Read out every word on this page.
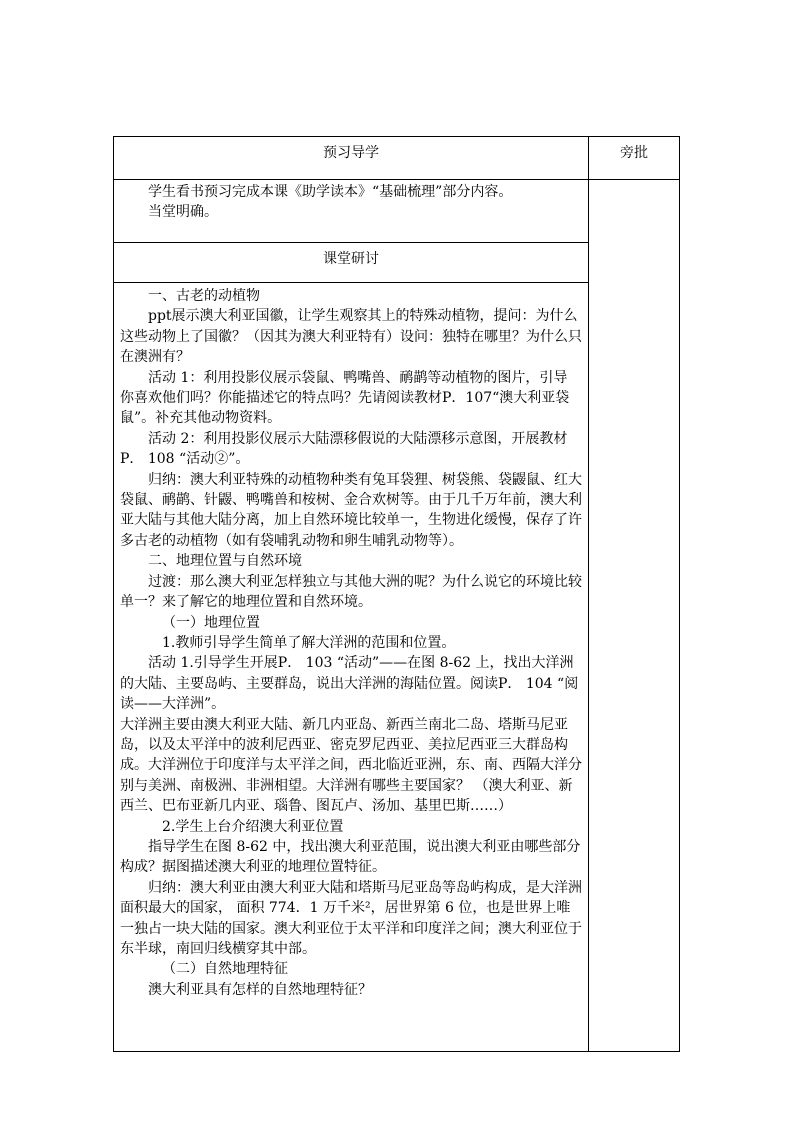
预习导学	旁批

学生看书预习完成本课《助学读本》“基础梳理”部分内容。

当堂明确。

课堂研讨

一、古老的动植物

ppt展示澳大利亚国徽，让学生观察其上的特殊动植物，提问：为什么这些动物上了国徽？（因其为澳大利亚特有）设问：独特在哪里？为什么只在澳洲有？

活动 1：利用投影仪展示袋鼠、鸭嘴兽、鸸鹋等动植物的图片，引导 你喜欢他们吗？你能描述它的特点吗？先请阅读教材P．107“澳大利亚袋鼠”。补充其他动物资料。

活动 2：利用投影仪展示大陆漂移假说的大陆漂移示意图，开展教材P． 108 “活动②”。

归纳：澳大利亚特殊的动植物种类有兔耳袋狸、树袋熊、袋鼹鼠、红大袋鼠、鸸鹋、针鼹、鸭嘴兽和桉树、金合欢树等。由于几千万年前，澳大利亚大陆与其他大陆分离，加上自然环境比较单一，生物进化缓慢，保存了许多古老的动植物（如有袋哺乳动物和卵生哺乳动物等）。

二、地理位置与自然环境

过渡：那么澳大利亚怎样独立与其他大洲的呢？为什么说它的环境比较单一？来了解它的地理位置和自然环境。

（一）地理位置

1.教师引导学生简单了解大洋洲的范围和位置。

活动 1.引导学生开展P． 103 “活动”——在图 8-62 上，找出大洋洲的大陆、主要岛屿、主要群岛，说出大洋洲的海陆位置。阅读P． 104 “阅读——大洋洲”。

大洋洲主要由澳大利亚大陆、新几内亚岛、新西兰南北二岛、塔斯马尼亚岛，以及太平洋中的波利尼西亚、密克罗尼西亚、美拉尼西亚三大群岛构成。大洋洲位于印度洋与太平洋之间，西北临近亚洲，东、南、西隔大洋分别与美洲、南极洲、非洲相望。大洋洲有哪些主要国家？ （澳大利亚、新西兰、巴布亚新几内亚、瑙鲁、图瓦卢、汤加、基里巴斯……）

2.学生上台介绍澳大利亚位置

指导学生在图 8-62 中，找出澳大利亚范围，说出澳大利亚由哪些部分构成？据图描述澳大利亚的地理位置特征。

归纳：澳大利亚由澳大利亚大陆和塔斯马尼亚岛等岛屿构成，是大洋洲面积最大的国家， 面积 774．1 万千米²，居世界第 6 位，也是世界上唯一独占一块大陆的国家。澳大利亚位于太平洋和印度洋之间；澳大利亚位于东半球，南回归线横穿其中部。

（二）自然地理特征

澳大利亚具有怎样的自然地理特征？
